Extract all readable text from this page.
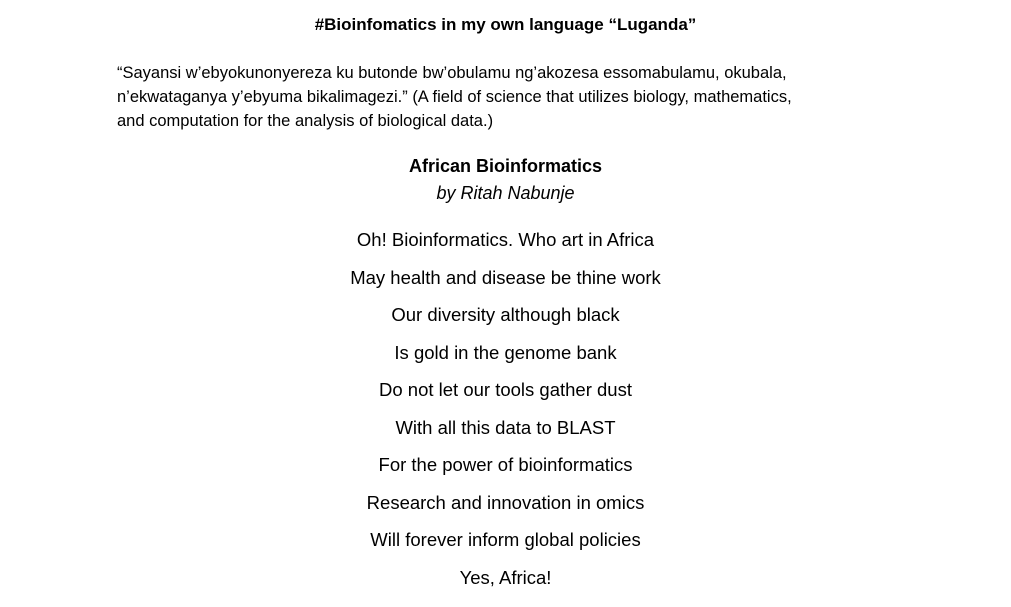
#Bioinfomatics in my own language “Luganda”

“Sayansi w’ebyokunonyereza ku butonde bw’obulamu ng’akozesa essomabulamu, okubala,

n’ekwataganya y’ebyuma bikalimagezi.” (A field of science that utilizes biology, mathematics,

and computation for the analysis of biological data.)

African Bioinformatics
by Ritah Nabunje
Oh! Bioinformatics. Who art in Africa
May health and disease be thine work
Our diversity although black
Is gold in the genome bank
Do not let our tools gather dust
With all this data to BLAST
For the power of bioinformatics
Research and innovation in omics
Will forever inform global policies
Yes, Africa!
